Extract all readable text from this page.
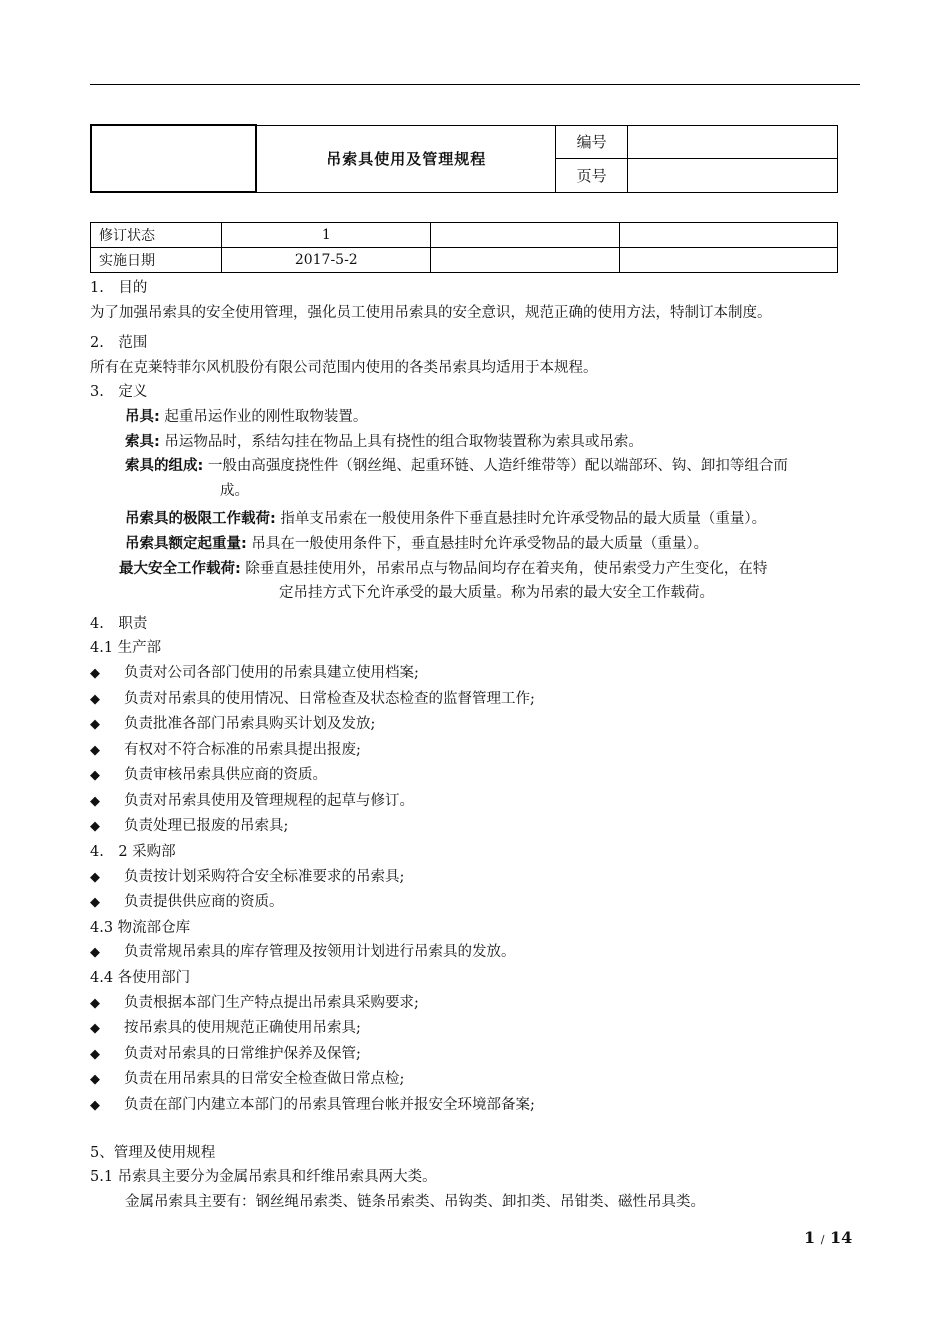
	吊索具使用及管理规程	编号	
		页号	
修订状态	1		
实施日期	2017-5-2		

1.　目的

为了加强吊索具的安全使用管理，强化员工使用吊索具的安全意识，规范正确的使用方法，特制订本制度。

2.　范围

所有在克莱特菲尔风机股份有限公司范围内使用的各类吊索具均适用于本规程。

3.　定义

吊具: 起重吊运作业的刚性取物装置。

索具: 吊运物品时，系结勾挂在物品上具有挠性的组合取物装置称为索具或吊索。

索具的组成: 一般由高强度挠性件（钢丝绳、起重环链、人造纤维带等）配以端部环、钩、卸扣等组合而

成。

吊索具的极限工作载荷: 指单支吊索在一般使用条件下垂直悬挂时允许承受物品的最大质量（重量）。

吊索具额定起重量: 吊具在一般使用条件下，垂直悬挂时允许承受物品的最大质量（重量）。

最大安全工作载荷: 除垂直悬挂使用外，吊索吊点与物品间均存在着夹角，使吊索受力产生变化，在特

定吊挂方式下允许承受的最大质量。称为吊索的最大安全工作载荷。

4.　职责

4.1 生产部

◆ 负责对公司各部门使用的吊索具建立使用档案;

◆ 负责对吊索具的使用情况、日常检查及状态检查的监督管理工作;

◆ 负责批准各部门吊索具购买计划及发放;

◆ 有权对不符合标准的吊索具提出报废;

◆ 负责审核吊索具供应商的资质。

◆ 负责对吊索具使用及管理规程的起草与修订。

◆ 负责处理已报废的吊索具;

4.　2 采购部

◆ 负责按计划采购符合安全标准要求的吊索具;

◆ 负责提供供应商的资质。

4.3 物流部仓库

◆ 负责常规吊索具的库存管理及按领用计划进行吊索具的发放。

4.4 各使用部门

◆ 负责根据本部门生产特点提出吊索具采购要求;

◆ 按吊索具的使用规范正确使用吊索具;

◆ 负责对吊索具的日常维护保养及保管;

◆ 负责在用吊索具的日常安全检查做日常点检;

◆ 负责在部门内建立本部门的吊索具管理台帐并报安全环境部备案;

5、管理及使用规程

5.1 吊索具主要分为金属吊索具和纤维吊索具两大类。

金属吊索具主要有：钢丝绳吊索类、链条吊索类、吊钩类、卸扣类、吊钳类、磁性吊具类。

1 / 14
